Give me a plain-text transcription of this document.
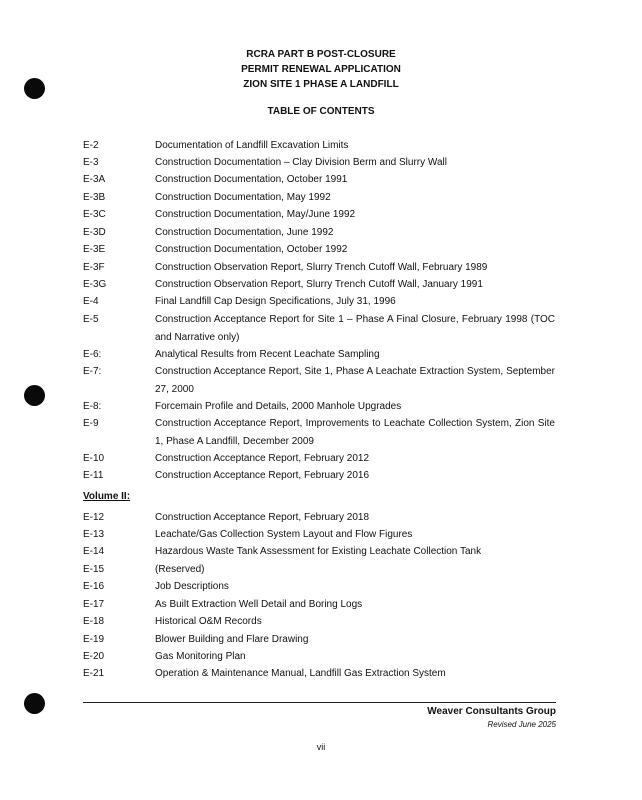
RCRA PART B POST-CLOSURE
PERMIT RENEWAL APPLICATION
ZION SITE 1 PHASE A LANDFILL
TABLE OF CONTENTS
E-2	Documentation of Landfill Excavation Limits
E-3	Construction Documentation – Clay Division Berm and Slurry Wall
E-3A	Construction Documentation, October 1991
E-3B	Construction Documentation, May 1992
E-3C	Construction Documentation, May/June 1992
E-3D	Construction Documentation, June 1992
E-3E	Construction Documentation, October 1992
E-3F	Construction Observation Report, Slurry Trench Cutoff Wall, February 1989
E-3G	Construction Observation Report, Slurry Trench Cutoff Wall, January 1991
E-4	Final Landfill Cap Design Specifications, July 31, 1996
E-5	Construction Acceptance Report for Site 1 – Phase A Final Closure, February 1998 (TOC and Narrative only)
E-6:	Analytical Results from Recent Leachate Sampling
E-7:	Construction Acceptance Report, Site 1, Phase A Leachate Extraction System, September 27, 2000
E-8:	Forcemain Profile and Details, 2000 Manhole Upgrades
E-9	Construction Acceptance Report, Improvements to Leachate Collection System, Zion Site 1, Phase A Landfill, December 2009
E-10	Construction Acceptance Report, February 2012
E-11	Construction Acceptance Report, February 2016
Volume II:
E-12	Construction Acceptance Report, February 2018
E-13	Leachate/Gas Collection System Layout and Flow Figures
E-14	Hazardous Waste Tank Assessment for Existing Leachate Collection Tank
E-15	(Reserved)
E-16	Job Descriptions
E-17	As Built Extraction Well Detail and Boring Logs
E-18	Historical O&M Records
E-19	Blower Building and Flare Drawing
E-20	Gas Monitoring Plan
E-21	Operation & Maintenance Manual, Landfill Gas Extraction System
Weaver Consultants Group
Revised June 2025
vii
